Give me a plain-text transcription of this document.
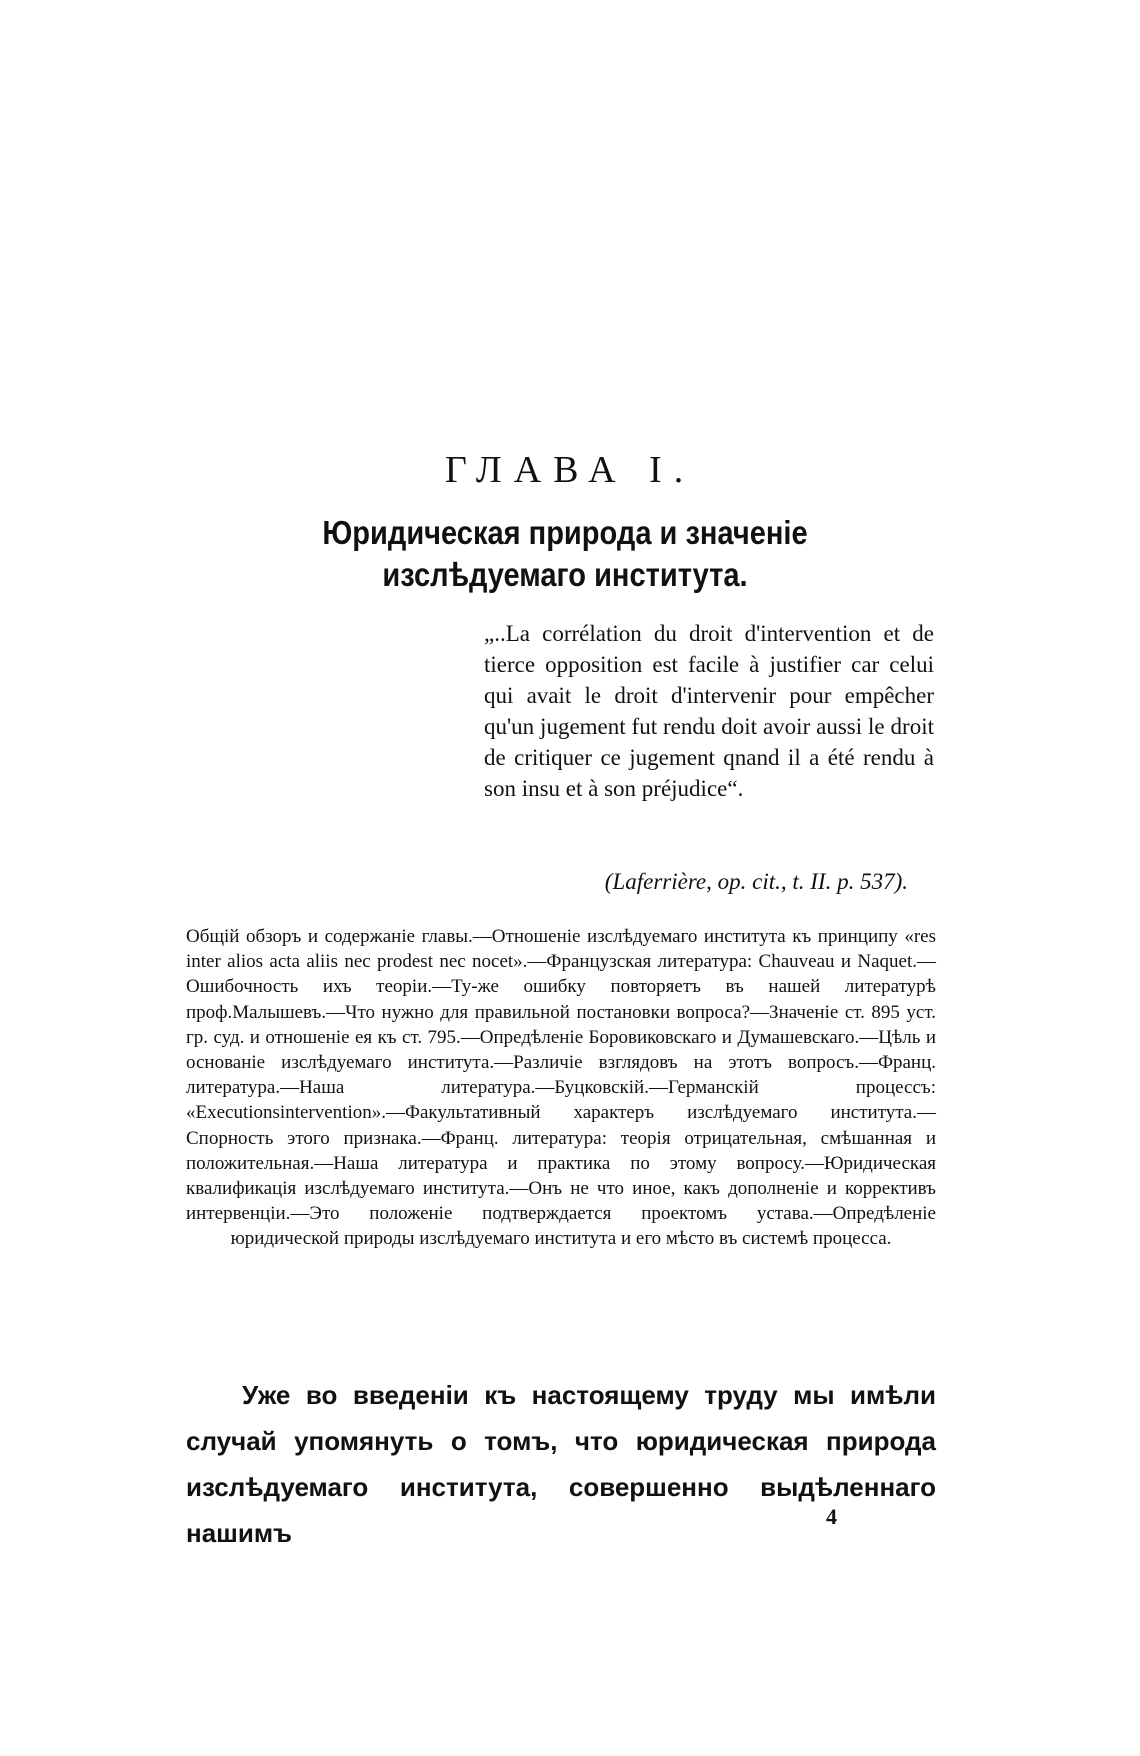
ГЛАВА I.
Юридическая природа и значенiе изслѣдуемаго института.

„..La corrélation du droit d'intervention et de tierce opposition est facile à justifier car celui qui avait le droit d'intervenir pour empêcher qu'un jugement fut rendu doit avoir aussi le droit de critiquer ce jugement qnand il a été rendu à son insu et à son préjudice“.

(Laferrière, op. cit., t. II. p. 537).

Общiй обзоръ и содержанiе главы.—Отношенiе изслѣдуемаго института къ принципу «res inter alios acta aliis nec prodest nec nocet».—Французская литература: Chauveau и Naquet.—Ошибочность ихъ теорiи.—Ту-же ошибку повторяетъ въ нашей литературѣ проф.Малышевъ.—Что нужно для правильной постановки вопроса?—Значенiе ст. 895 уст. гр. суд. и отношенiе ея къ ст. 795.—Опредѣленiе Боровиковскаго и Думашевскаго.—Цѣль и основанiе изслѣдуемаго института.—Различiе взглядовъ на этотъ вопросъ.—Франц. литература.—Наша литература.—Буцковскiй.—Германскiй процессъ: «Executionsintervention».—Факультативный характеръ изслѣдуемаго института.—Спорность этого признака.—Франц. литература: теорiя отрицательная, смѣшанная и положительная.—Наша литература и практика по этому вопросу.—Юридическая квалификацiя изслѣдуемаго института.—Онъ не что иное, какъ дополненiе и коррективъ интервенцiи.—Это положенiе подтверждается проектомъ устава.—Опредѣленiе юридической природы изслѣдуемаго института и его мѣсто въ системѣ процесса.

Уже во введенiи къ настоящему труду мы имѣли случай упомянуть о томъ, что юридическая природа изслѣдуемаго института, совершенно выдѣленнаго нашимъ

4
